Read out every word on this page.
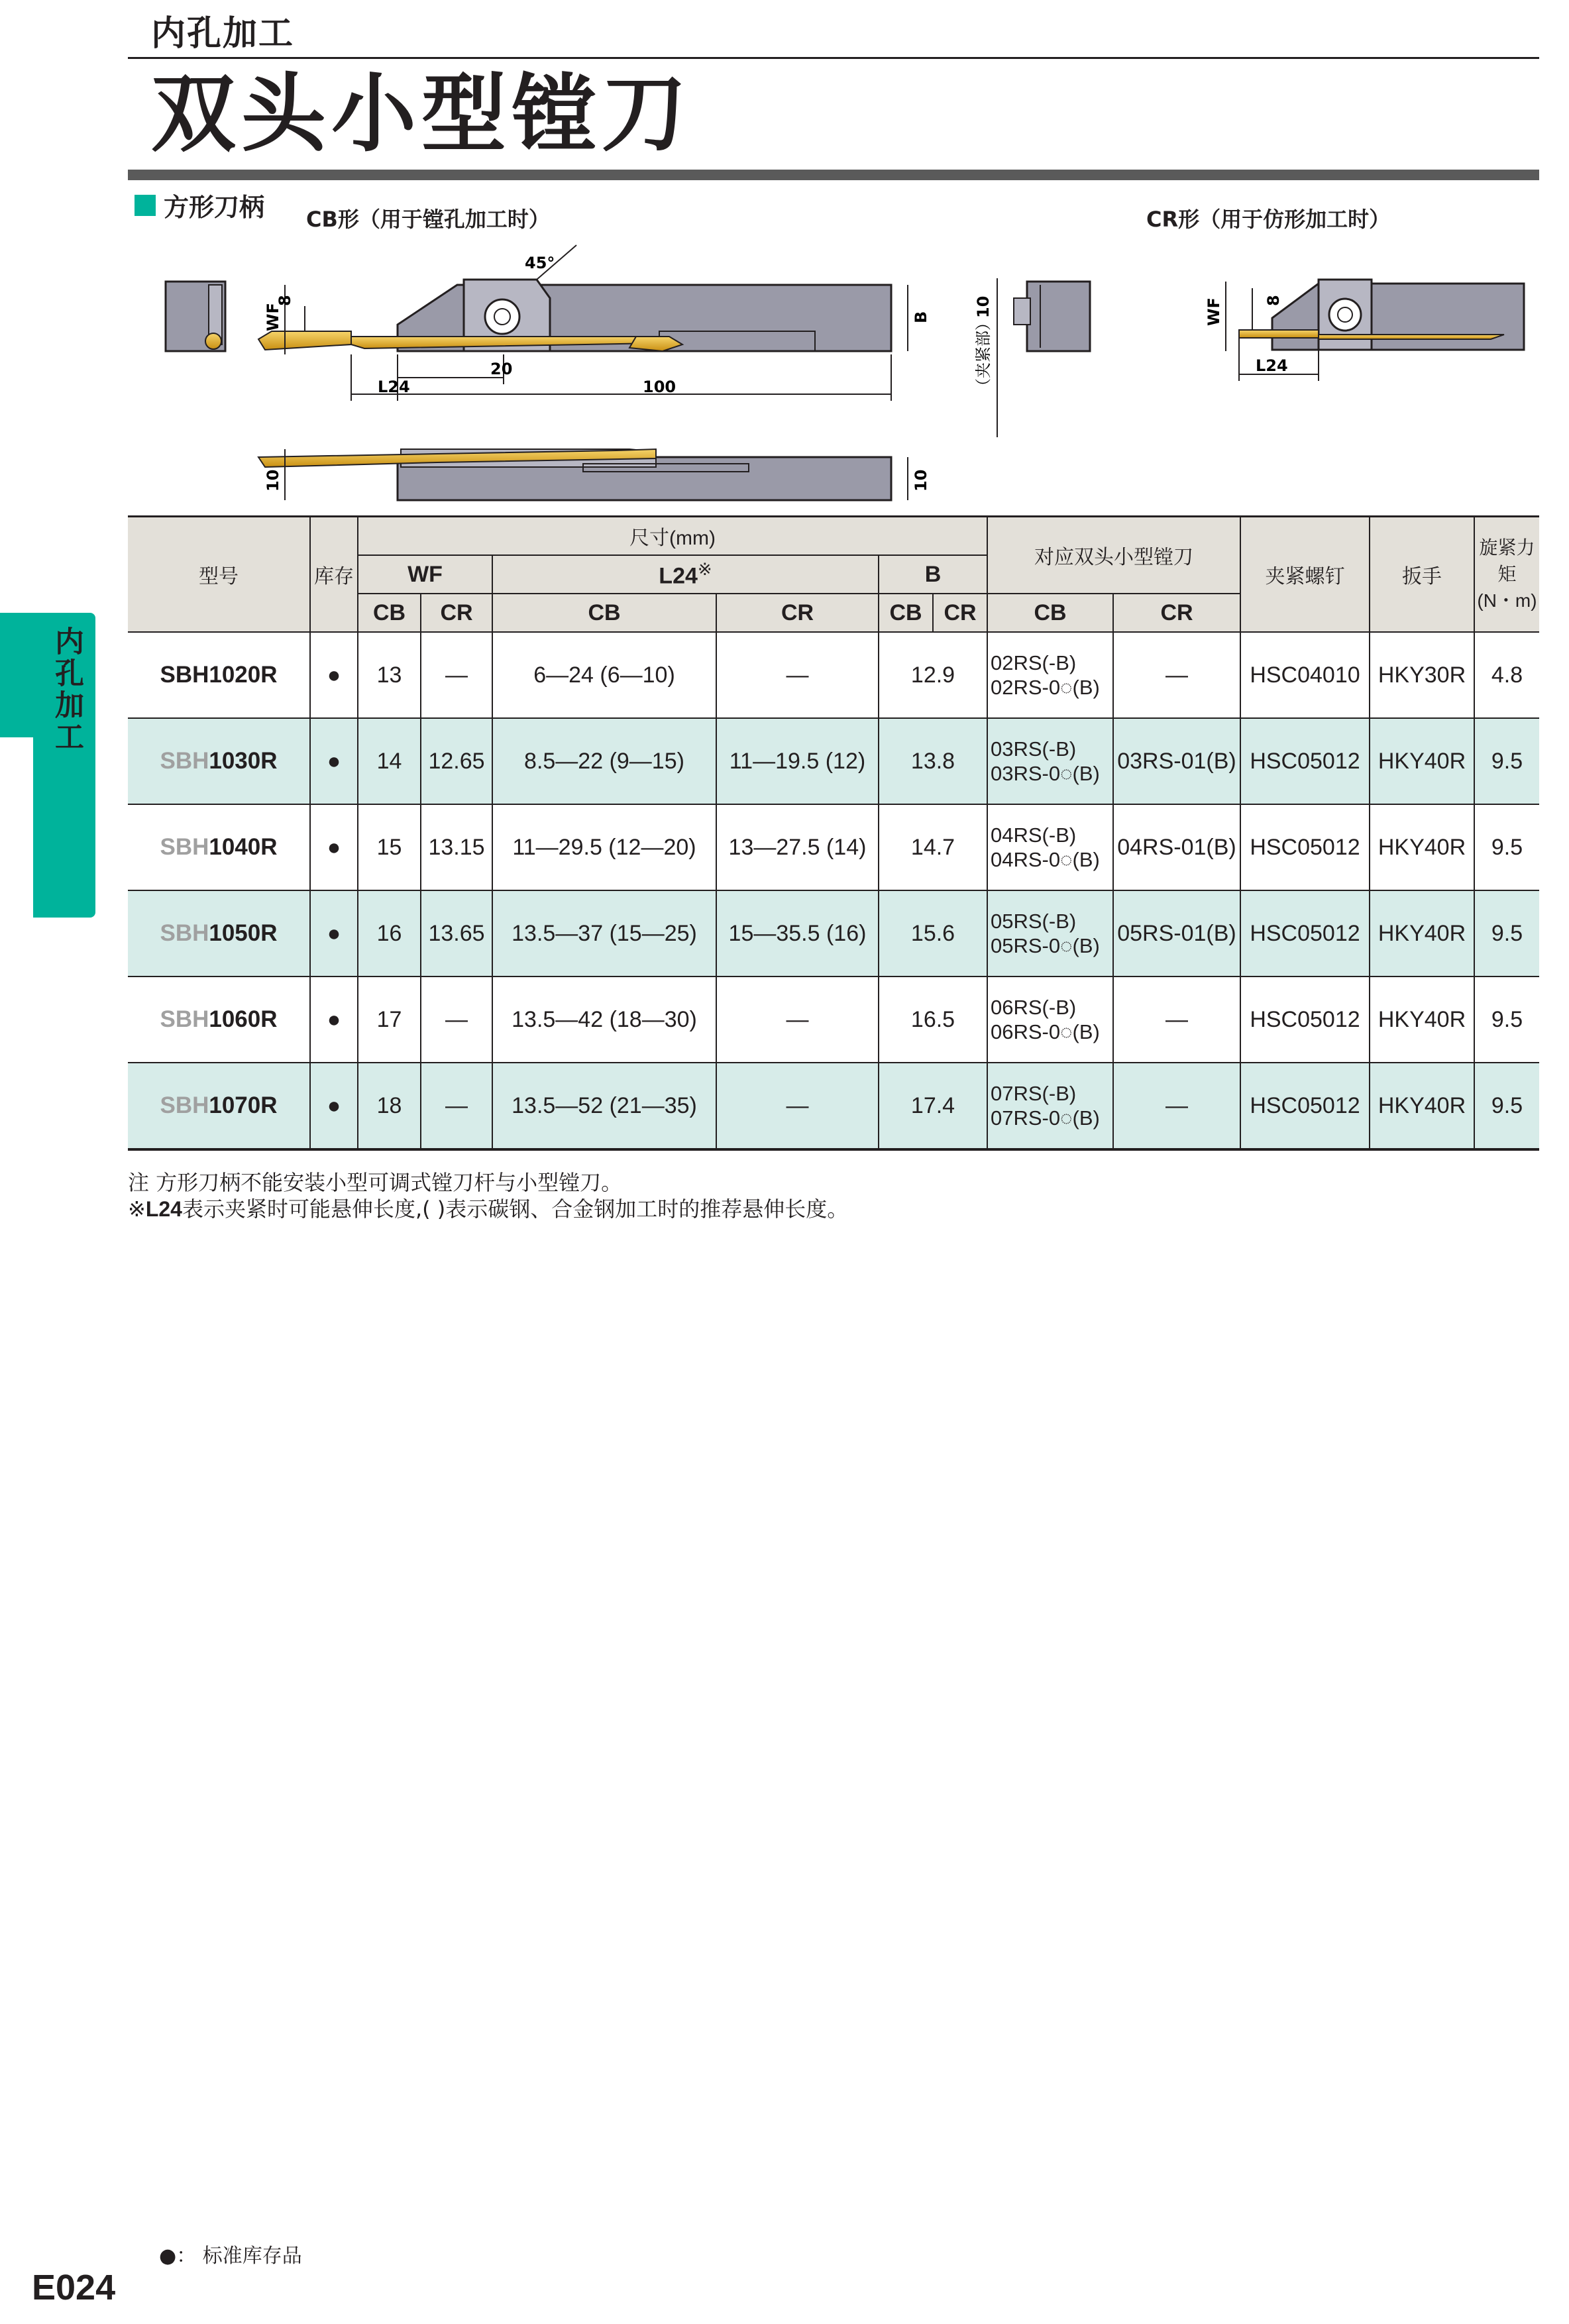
内孔加工
双头小型镗刀
方形刀柄
内孔加工
CB形（用于镗孔加工时）	CR形（用于仿形加工时）
45°
8
WF
20
L24	100
B	10
（夹紧部）
WF	8
L24
10	10
型号	库存	尺寸(mm)						对应双头小型镗刀		夹紧螺钉	扳手	旋紧力矩
(N・m)
		WF		L24※		B						
		CB	CR	CB	CR	CB	CR	CB	CR			
SBH1020R	●	13	—	6—24 (6—10)	—	12.9		02RS(-B)
02RS-0◌(B)	—	HSC04010	HKY30R	4.8
SBH1030R	●	14	12.65	8.5—22 (9—15)	11—19.5 (12)	13.8		03RS(-B)
03RS-0◌(B)	03RS-01(B)	HSC05012	HKY40R	9.5
SBH1040R	●	15	13.15	11—29.5 (12—20)	13—27.5 (14)	14.7		04RS(-B)
04RS-0◌(B)	04RS-01(B)	HSC05012	HKY40R	9.5
SBH1050R	●	16	13.65	13.5—37 (15—25)	15—35.5 (16)	15.6		05RS(-B)
05RS-0◌(B)	05RS-01(B)	HSC05012	HKY40R	9.5
SBH1060R	●	17	—	13.5—42 (18—30)	—	16.5		06RS(-B)
06RS-0◌(B)	—	HSC05012	HKY40R	9.5
SBH1070R	●	18	—	13.5—52 (21—35)	—	17.4		07RS(-B)
07RS-0◌(B)	—	HSC05012	HKY40R	9.5
注 方形刀柄不能安装小型可调式镗刀杆与小型镗刀。
※L24表示夹紧时可能悬伸长度,( )表示碳钢、合金钢加工时的推荐悬伸长度。
●： 标准库存品
E024
